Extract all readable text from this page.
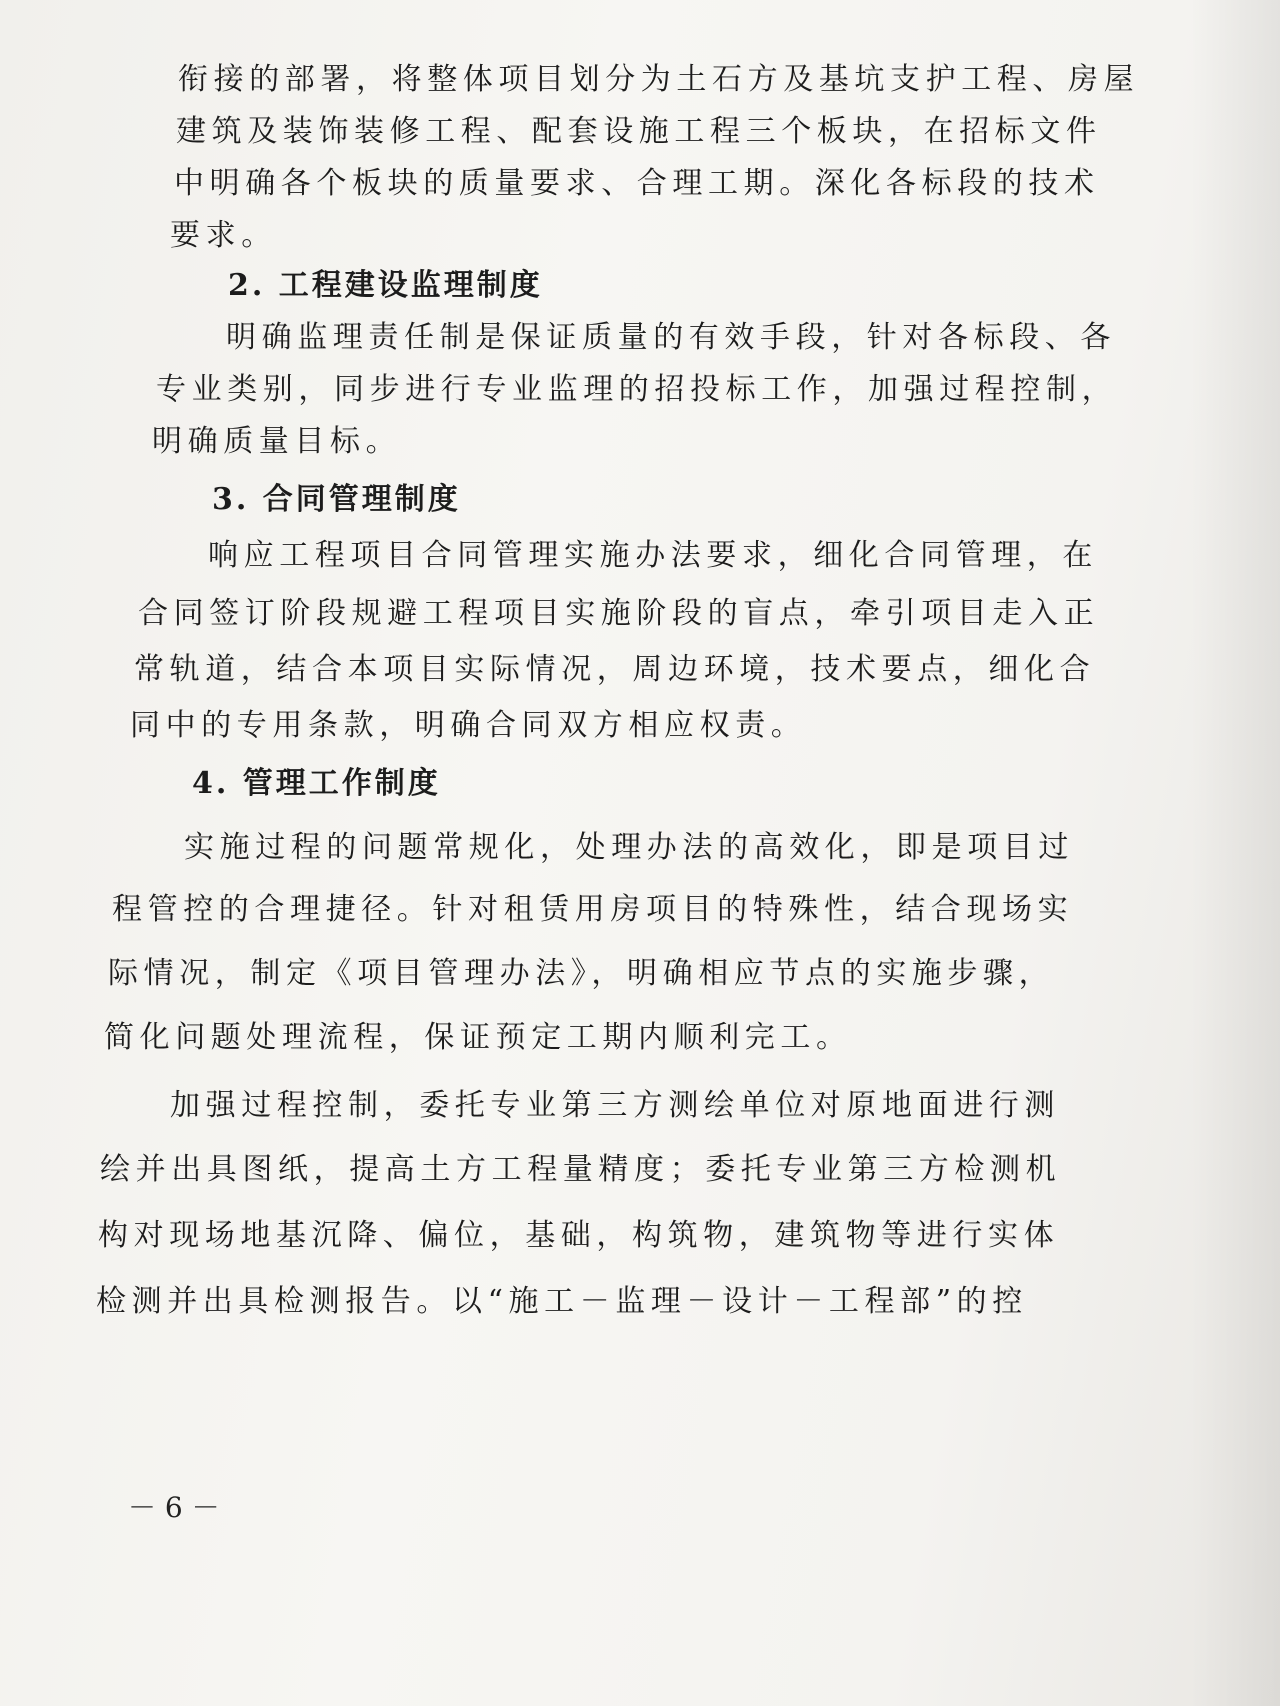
衔接的部署，将整体项目划分为土石方及基坑支护工程、房屋
建筑及装饰装修工程、配套设施工程三个板块，在招标文件
中明确各个板块的质量要求、合理工期。深化各标段的技术
要求。
2. 工程建设监理制度
明确监理责任制是保证质量的有效手段，针对各标段、各
专业类别，同步进行专业监理的招投标工作，加强过程控制，
明确质量目标。
3. 合同管理制度
响应工程项目合同管理实施办法要求，细化合同管理，在
合同签订阶段规避工程项目实施阶段的盲点，牵引项目走入正
常轨道，结合本项目实际情况，周边环境，技术要点，细化合
同中的专用条款，明确合同双方相应权责。
4. 管理工作制度
实施过程的问题常规化，处理办法的高效化，即是项目过
程管控的合理捷径。针对租赁用房项目的特殊性，结合现场实
际情况，制定《项目管理办法》，明确相应节点的实施步骤，
简化问题处理流程，保证预定工期内顺利完工。
加强过程控制，委托专业第三方测绘单位对原地面进行测
绘并出具图纸，提高土方工程量精度；委托专业第三方检测机
构对现场地基沉降、偏位，基础，构筑物，建筑物等进行实体
检测并出具检测报告。以“施工－监理－设计－工程部”的控
－ 6 －
